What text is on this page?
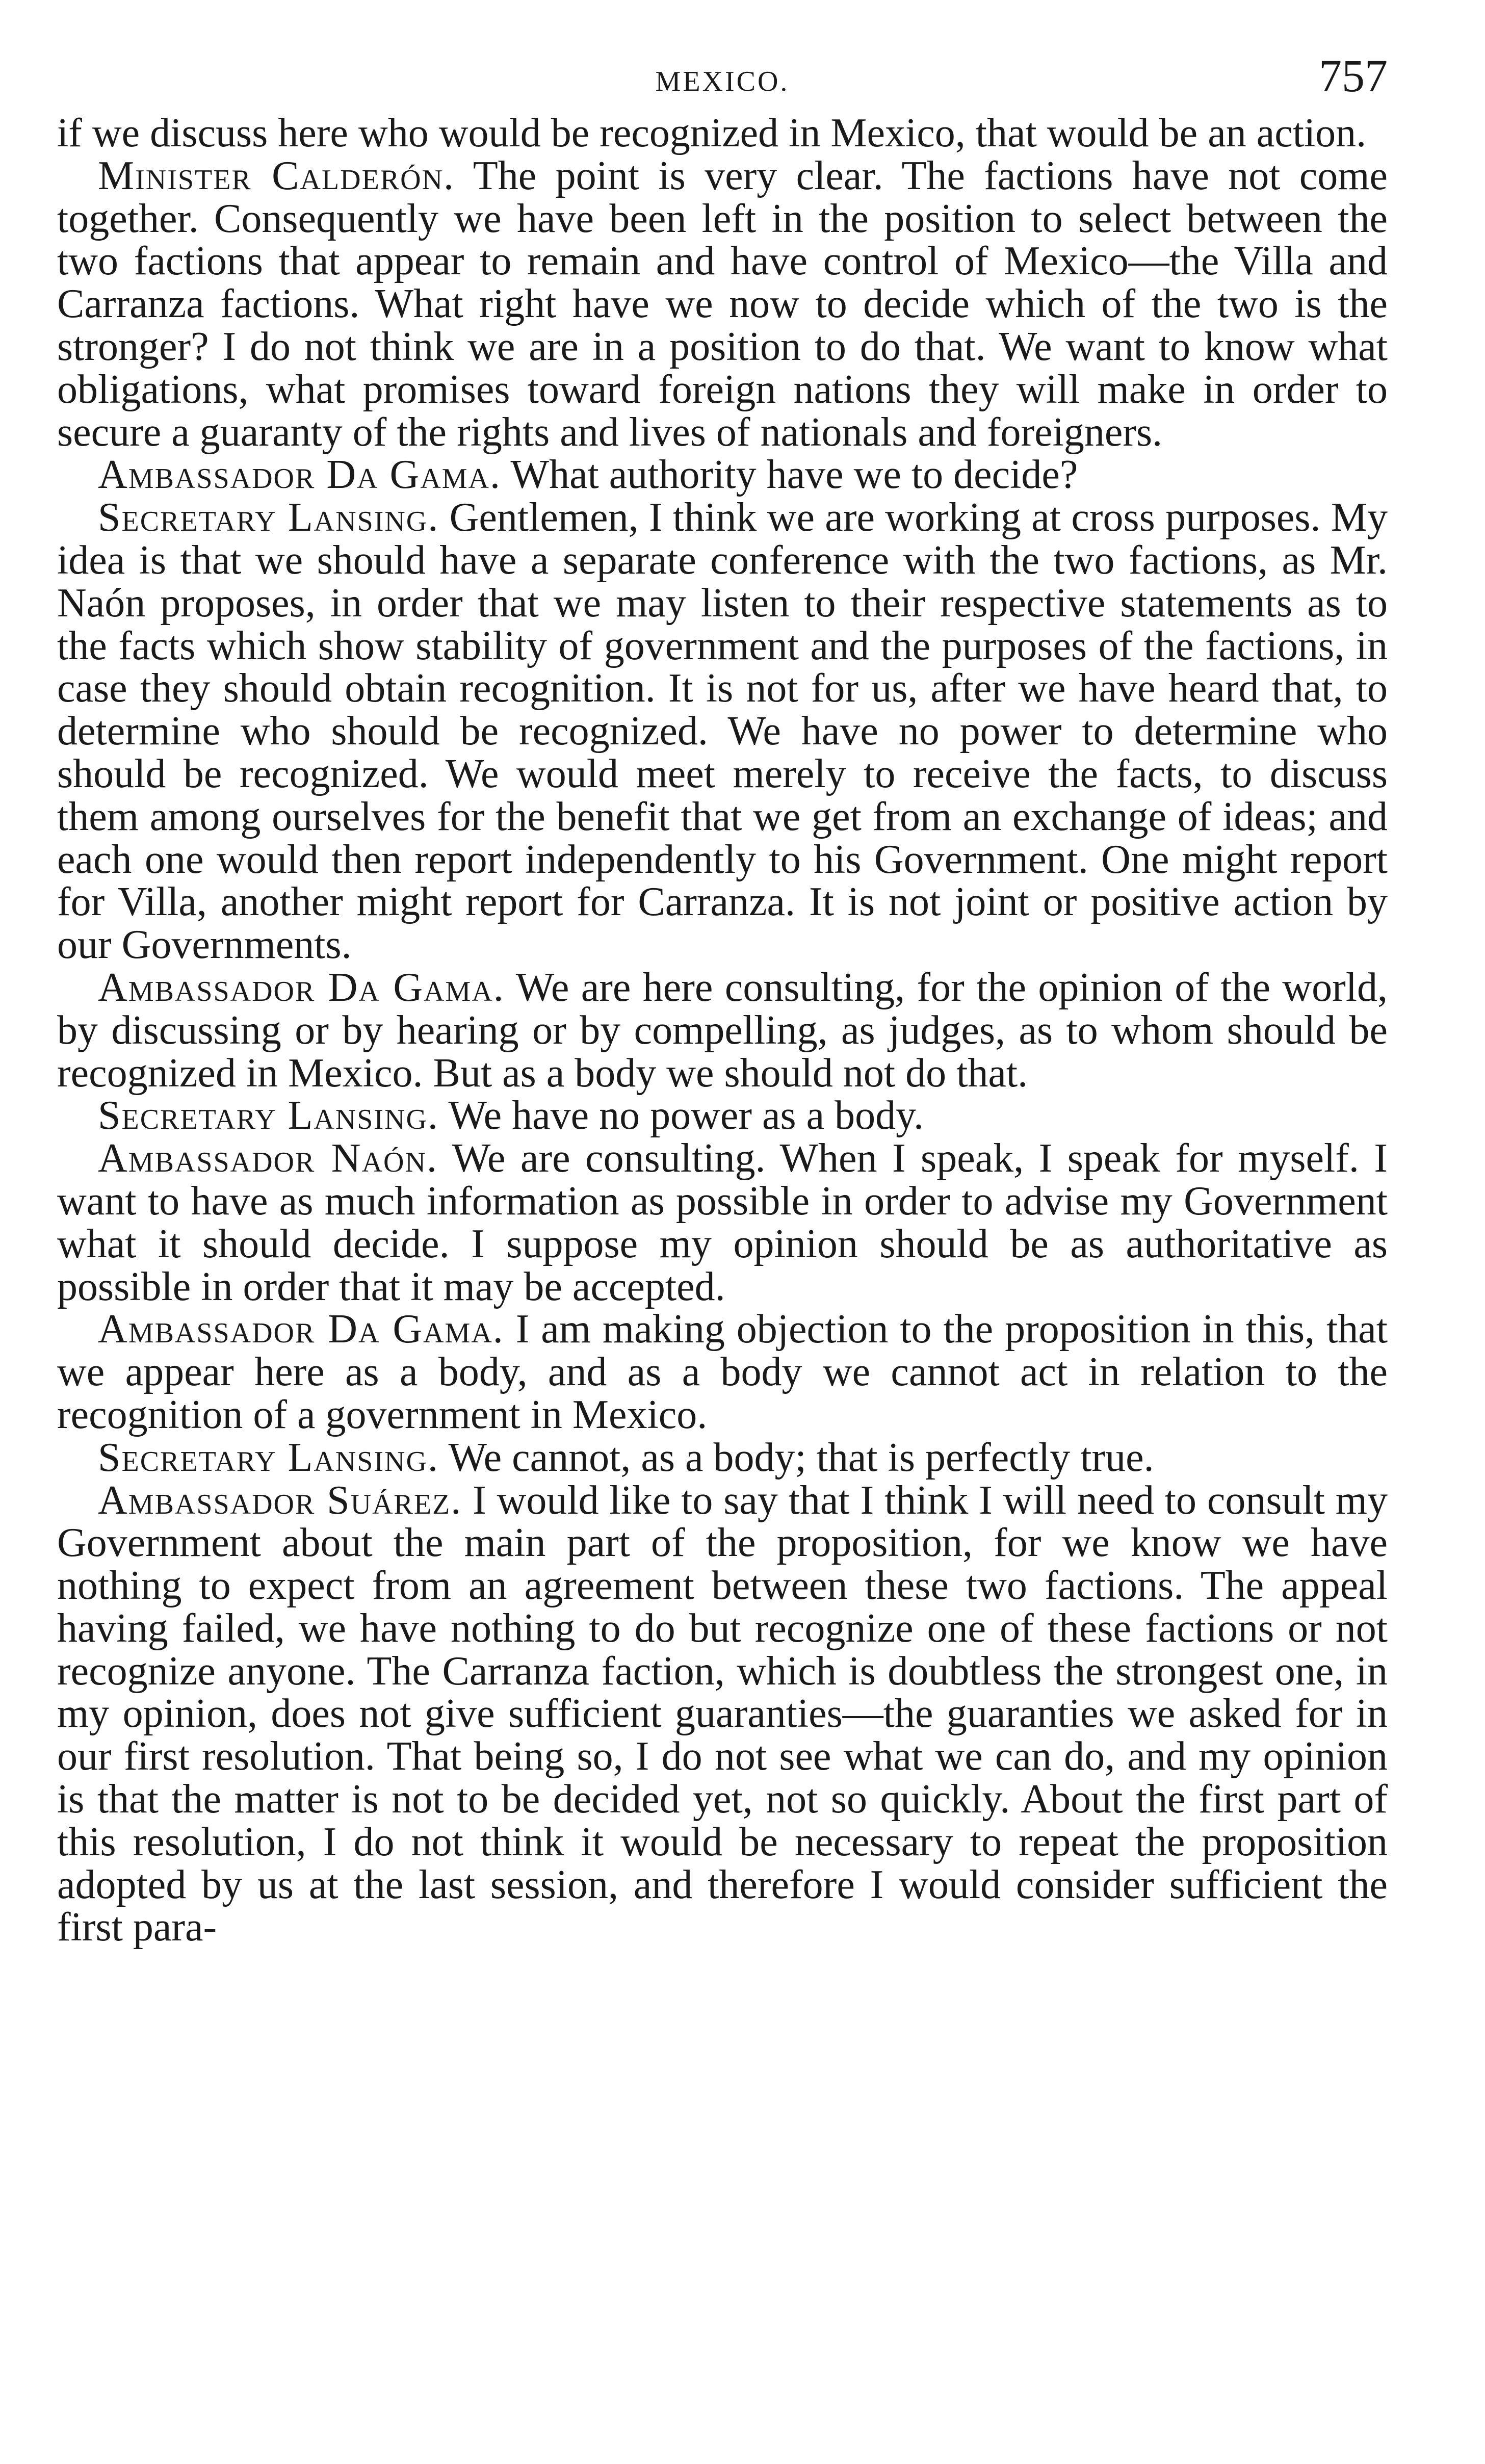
MEXICO.	757

if we discuss here who would be recognized in Mexico, that would be an action.

Minister Calderón. The point is very clear. The factions have not come together. Consequently we have been left in the position to select between the two factions that appear to remain and have control of Mexico—the Villa and Carranza factions. What right have we now to decide which of the two is the stronger? I do not think we are in a position to do that. We want to know what obligations, what promises toward foreign nations they will make in order to secure a guaranty of the rights and lives of nationals and foreigners.

Ambassador Da Gama. What authority have we to decide?

Secretary Lansing. Gentlemen, I think we are working at cross purposes. My idea is that we should have a separate conference with the two factions, as Mr. Naón proposes, in order that we may listen to their respective statements as to the facts which show stability of government and the purposes of the factions, in case they should obtain recognition. It is not for us, after we have heard that, to determine who should be recognized. We have no power to determine who should be recognized. We would meet merely to receive the facts, to discuss them among ourselves for the benefit that we get from an exchange of ideas; and each one would then report independently to his Government. One might report for Villa, another might report for Carranza. It is not joint or positive action by our Governments.

Ambassador Da Gama. We are here consulting, for the opinion of the world, by discussing or by hearing or by compelling, as judges, as to whom should be recognized in Mexico. But as a body we should not do that.

Secretary Lansing. We have no power as a body.

Ambassador Naón. We are consulting. When I speak, I speak for myself. I want to have as much information as possible in order to advise my Government what it should decide. I suppose my opinion should be as authoritative as possible in order that it may be accepted.

Ambassador Da Gama. I am making objection to the proposition in this, that we appear here as a body, and as a body we cannot act in relation to the recognition of a government in Mexico.

Secretary Lansing. We cannot, as a body; that is perfectly true.

Ambassador Suárez. I would like to say that I think I will need to consult my Government about the main part of the proposition, for we know we have nothing to expect from an agreement between these two factions. The appeal having failed, we have nothing to do but recognize one of these factions or not recognize anyone. The Carranza faction, which is doubtless the strongest one, in my opinion, does not give sufficient guaranties—the guaranties we asked for in our first resolution. That being so, I do not see what we can do, and my opinion is that the matter is not to be decided yet, not so quickly. About the first part of this resolution, I do not think it would be necessary to repeat the proposition adopted by us at the last session, and therefore I would consider sufficient the first para-
